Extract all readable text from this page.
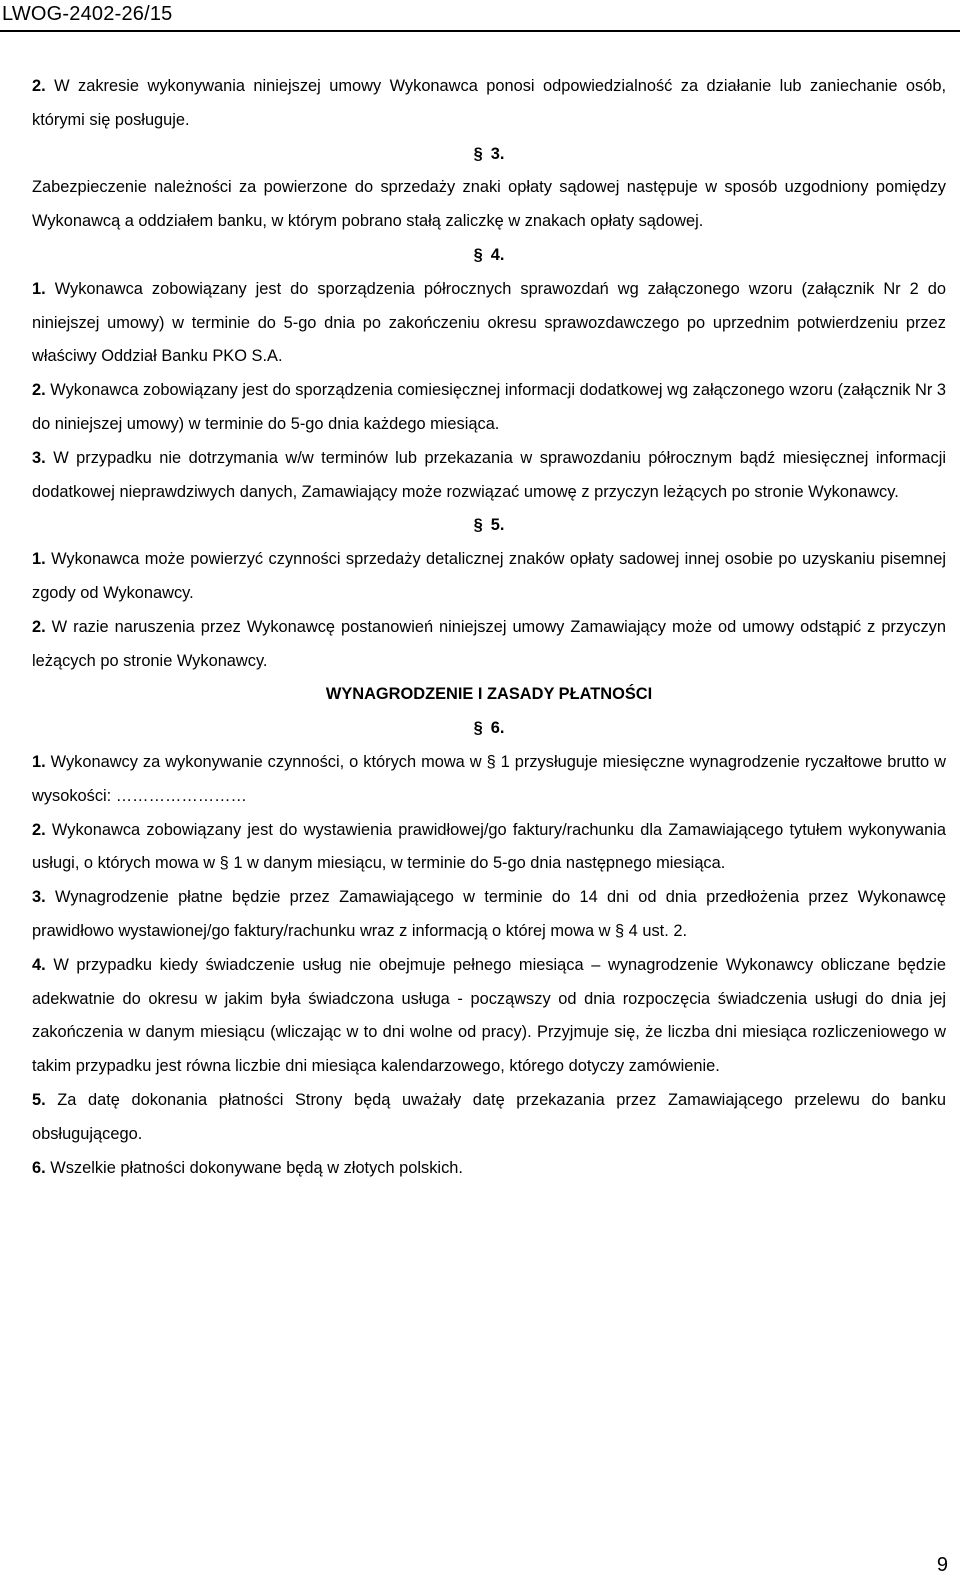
LWOG-2402-26/15

2. W zakresie wykonywania niniejszej umowy Wykonawca ponosi odpowiedzialność za działanie lub zaniechanie osób, którymi się posługuje.

§ 3.

Zabezpieczenie należności za powierzone do sprzedaży znaki opłaty sądowej następuje w sposób uzgodniony pomiędzy Wykonawcą a oddziałem banku, w którym pobrano stałą zaliczkę w znakach opłaty sądowej.

§ 4.

1. Wykonawca zobowiązany jest do sporządzenia półrocznych sprawozdań wg załączonego wzoru (załącznik Nr 2 do niniejszej umowy) w terminie do 5-go dnia po zakończeniu okresu sprawozdawczego po uprzednim potwierdzeniu przez właściwy Oddział Banku PKO S.A.

2. Wykonawca zobowiązany jest do sporządzenia comiesięcznej informacji dodatkowej wg załączonego wzoru (załącznik Nr 3 do niniejszej umowy) w terminie do 5-go dnia każdego miesiąca.

3. W przypadku nie dotrzymania w/w terminów lub przekazania w sprawozdaniu półrocznym bądź miesięcznej informacji dodatkowej nieprawdziwych danych, Zamawiający może rozwiązać umowę z przyczyn leżących po stronie Wykonawcy.

§ 5.

1. Wykonawca może powierzyć czynności sprzedaży detalicznej znaków opłaty sadowej innej osobie po uzyskaniu pisemnej zgody od Wykonawcy.

2. W razie naruszenia przez Wykonawcę postanowień niniejszej umowy Zamawiający może od umowy odstąpić z przyczyn leżących po stronie Wykonawcy.

WYNAGRODZENIE I ZASADY PŁATNOŚCI

§ 6.

1. Wykonawcy za wykonywanie czynności, o których mowa w § 1 przysługuje miesięczne wynagrodzenie ryczałtowe brutto w wysokości: ……………………

2. Wykonawca zobowiązany jest do wystawienia prawidłowej/go faktury/rachunku dla Zamawiającego tytułem wykonywania usługi, o których mowa w § 1 w danym miesiącu, w terminie do 5-go dnia następnego miesiąca.

3. Wynagrodzenie płatne będzie przez Zamawiającego w terminie do 14 dni od dnia przedłożenia przez Wykonawcę prawidłowo wystawionej/go faktury/rachunku wraz z informacją o której mowa w § 4 ust. 2.

4. W przypadku kiedy świadczenie usług nie obejmuje pełnego miesiąca – wynagrodzenie Wykonawcy obliczane będzie adekwatnie do okresu w jakim była świadczona usługa - począwszy od dnia rozpoczęcia świadczenia usługi do dnia jej zakończenia w danym miesiącu (wliczając w to dni wolne od pracy). Przyjmuje się, że liczba dni miesiąca rozliczeniowego w takim przypadku jest równa liczbie dni miesiąca kalendarzowego, którego dotyczy zamówienie.

5. Za datę dokonania płatności Strony będą uważały datę przekazania przez Zamawiającego przelewu do banku obsługującego.

6. Wszelkie płatności dokonywane będą w złotych polskich.

9
